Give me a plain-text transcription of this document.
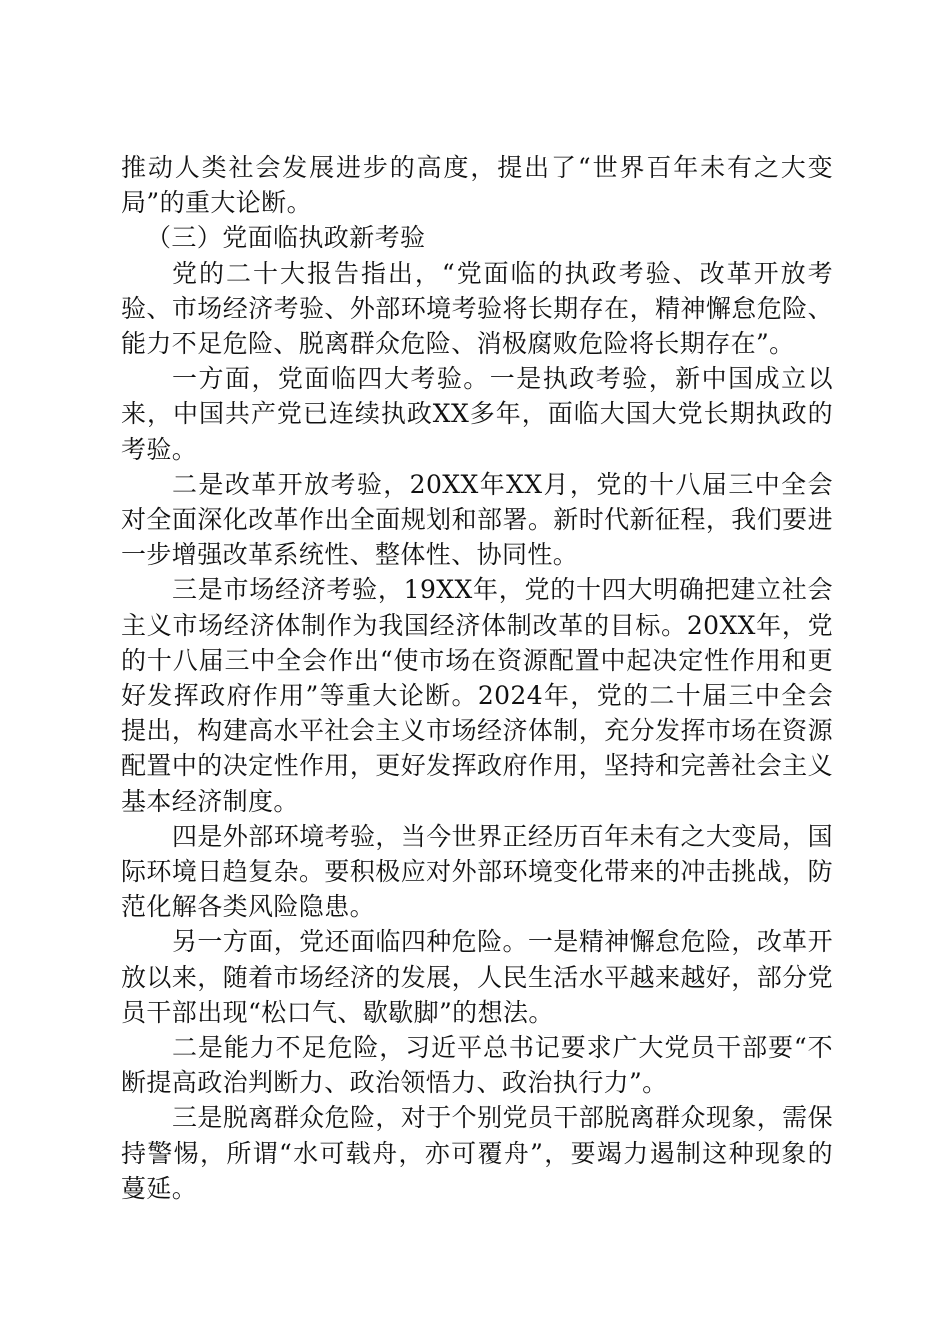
推动人类社会发展进步的高度，提出了“世界百年未有之大变局”的重大论断。

（三）党面临执政新考验

党的二十大报告指出，“党面临的执政考验、改革开放考验、市场经济考验、外部环境考验将长期存在，精神懈怠危险、能力不足危险、脱离群众危险、消极腐败危险将长期存在”。

一方面，党面临四大考验。一是执政考验，新中国成立以来，中国共产党已连续执政XX多年，面临大国大党长期执政的考验。

二是改革开放考验，20XX年XX月，党的十八届三中全会对全面深化改革作出全面规划和部署。新时代新征程，我们要进一步增强改革系统性、整体性、协同性。

三是市场经济考验，19XX年，党的十四大明确把建立社会主义市场经济体制作为我国经济体制改革的目标。20XX年，党的十八届三中全会作出“使市场在资源配置中起决定性作用和更好发挥政府作用”等重大论断。2024年，党的二十届三中全会提出，构建高水平社会主义市场经济体制，充分发挥市场在资源配置中的决定性作用，更好发挥政府作用，坚持和完善社会主义基本经济制度。

四是外部环境考验，当今世界正经历百年未有之大变局，国际环境日趋复杂。要积极应对外部环境变化带来的冲击挑战，防范化解各类风险隐患。

另一方面，党还面临四种危险。一是精神懈怠危险，改革开放以来，随着市场经济的发展，人民生活水平越来越好，部分党员干部出现“松口气、歇歇脚”的想法。

二是能力不足危险，习近平总书记要求广大党员干部要“不断提高政治判断力、政治领悟力、政治执行力”。

三是脱离群众危险，对于个别党员干部脱离群众现象，需保持警惕，所谓“水可载舟，亦可覆舟”，要竭力遏制这种现象的蔓延。
